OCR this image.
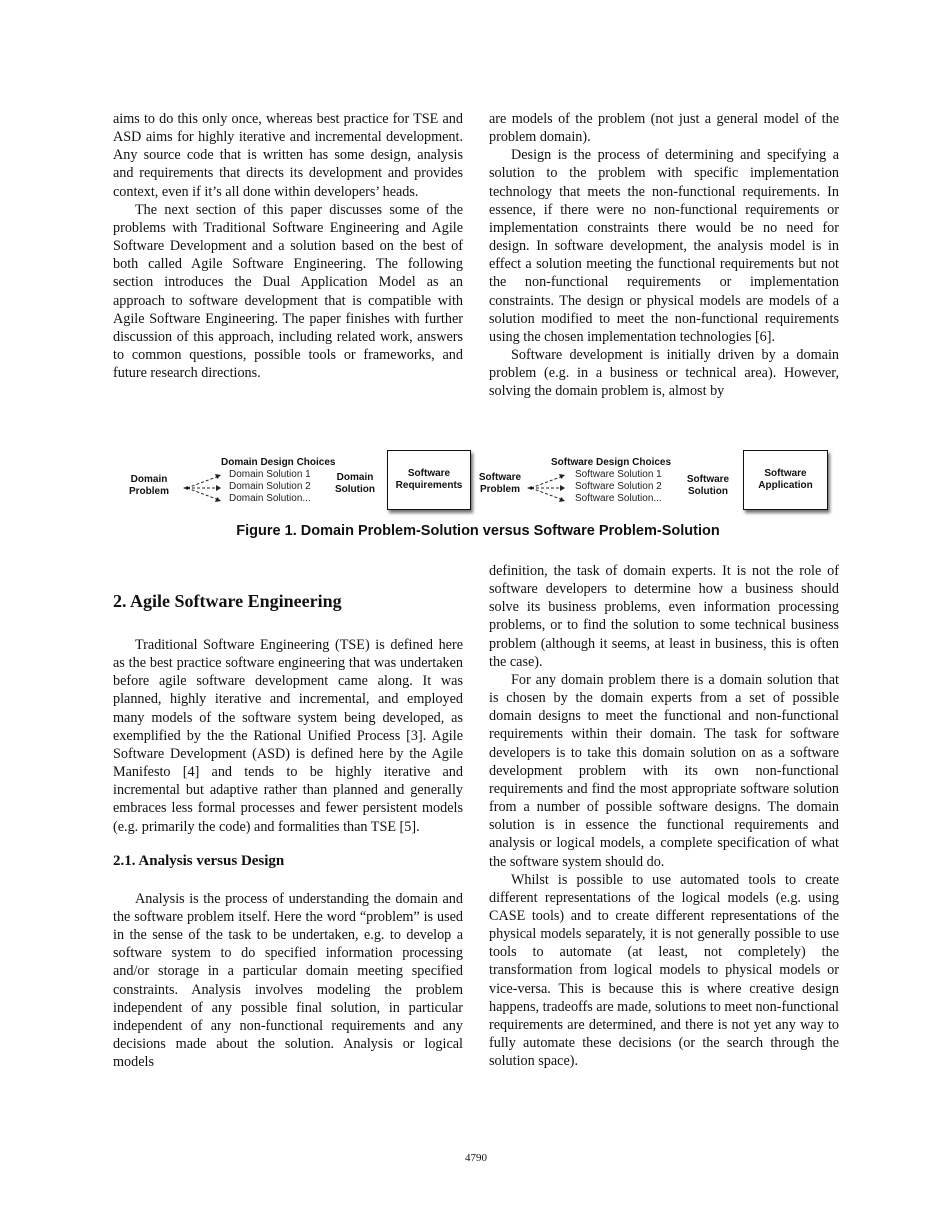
aims to do this only once, whereas best practice for TSE and ASD aims for highly iterative and incremental development. Any source code that is written has some design, analysis and requirements that directs its development and provides context, even if it’s all done within developers’ heads.

The next section of this paper discusses some of the problems with Traditional Software Engineering and Agile Software Development and a solution based on the best of both called Agile Software Engineering. The following section introduces the Dual Application Model as an approach to software development that is compatible with Agile Software Engineering. The paper finishes with further discussion of this approach, including related work, answers to common questions, possible tools or frameworks, and future research directions.

are models of the problem (not just a general model of the problem domain).

Design is the process of determining and specifying a solution to the problem with specific implementation technology that meets the non-functional requirements. In essence, if there were no non-functional requirements or implementation constraints there would be no need for design. In software development, the analysis model is in effect a solution meeting the functional requirements but not the non-functional requirements or implementation constraints. The design or physical models are models of a solution modified to meet the non-functional requirements using the chosen implementation technologies [6].

Software development is initially driven by a domain problem (e.g. in a business or technical area). However, solving the domain problem is, almost by

Domain Problem
Domain Design Choices
Domain Solution 1
Domain Solution 2
Domain Solution...
Domain Solution
Software Requirements
Software Problem
Software Design Choices
Software Solution 1
Software Solution 2
Software Solution...
Software Solution
Software Application
Figure 1. Domain Problem-Solution versus Software Problem-Solution
2. Agile Software Engineering

Traditional Software Engineering (TSE) is defined here as the best practice software engineering that was undertaken before agile software development came along. It was planned, highly iterative and incremental, and employed many models of the software system being developed, as exemplified by the the Rational Unified Process [3]. Agile Software Development (ASD) is defined here by the Agile Manifesto [4] and tends to be highly iterative and incremental but adaptive rather than planned and generally embraces less formal processes and fewer persistent models (e.g. primarily the code) and formalities than TSE [5].

2.1. Analysis versus Design

Analysis is the process of understanding the domain and the software problem itself. Here the word “problem” is used in the sense of the task to be undertaken, e.g. to develop a software system to do specified information processing and/or storage in a particular domain meeting specified constraints. Analysis involves modeling the problem independent of any possible final solution, in particular independent of any non-functional requirements and any decisions made about the solution. Analysis or logical models

definition, the task of domain experts. It is not the role of software developers to determine how a business should solve its business problems, even information processing problems, or to find the solution to some technical business problem (although it seems, at least in business, this is often the case).

For any domain problem there is a domain solution that is chosen by the domain experts from a set of possible domain designs to meet the functional and non-functional requirements within their domain. The task for software developers is to take this domain solution on as a software development problem with its own non-functional requirements and find the most appropriate software solution from a number of possible software designs. The domain solution is in essence the functional requirements and analysis or logical models, a complete specification of what the software system should do.

Whilst is possible to use automated tools to create different representations of the logical models (e.g. using CASE tools) and to create different representations of the physical models separately, it is not generally possible to use tools to automate (at least, not completely) the transformation from logical models to physical models or vice-versa. This is because this is where creative design happens, tradeoffs are made, solutions to meet non-functional requirements are determined, and there is not yet any way to fully automate these decisions (or the search through the solution space).

4790
